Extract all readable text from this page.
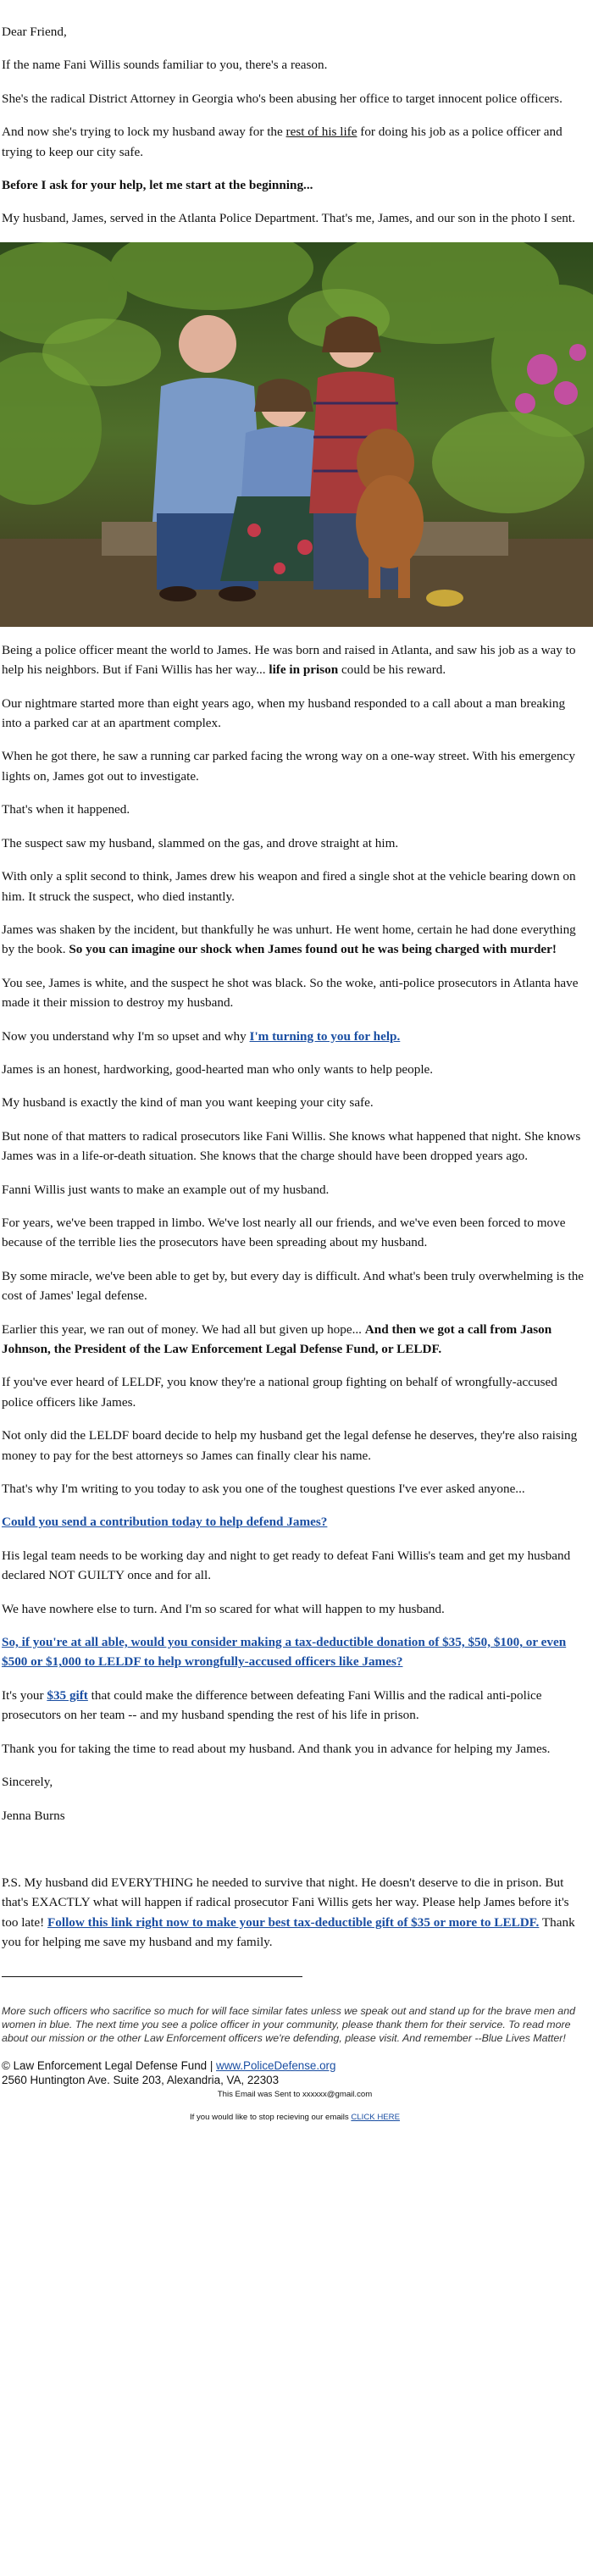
Dear Friend,

If the name Fani Willis sounds familiar to you, there's a reason.

She's the radical District Attorney in Georgia who's been abusing her office to target innocent police officers.

And now she's trying to lock my husband away for the rest of his life for doing his job as a police officer and trying to keep our city safe.

Before I ask for your help, let me start at the beginning...

My husband, James, served in the Atlanta Police Department. That's me, James, and our son in the photo I sent.

Being a police officer meant the world to James. He was born and raised in Atlanta, and saw his job as a way to help his neighbors. But if Fani Willis has her way... life in prison could be his reward.

Our nightmare started more than eight years ago, when my husband responded to a call about a man breaking into a parked car at an apartment complex.

When he got there, he saw a running car parked facing the wrong way on a one-way street. With his emergency lights on, James got out to investigate.

That's when it happened.

The suspect saw my husband, slammed on the gas, and drove straight at him.

With only a split second to think, James drew his weapon and fired a single shot at the vehicle bearing down on him. It struck the suspect, who died instantly.

James was shaken by the incident, but thankfully he was unhurt. He went home, certain he had done everything by the book. So you can imagine our shock when James found out he was being charged with murder!

You see, James is white, and the suspect he shot was black. So the woke, anti-police prosecutors in Atlanta have made it their mission to destroy my husband.

Now you understand why I'm so upset and why I'm turning to you for help.

James is an honest, hardworking, good-hearted man who only wants to help people.

My husband is exactly the kind of man you want keeping your city safe.

But none of that matters to radical prosecutors like Fani Willis. She knows what happened that night. She knows James was in a life-or-death situation. She knows that the charge should have been dropped years ago.

Fanni Willis just wants to make an example out of my husband.

For years, we've been trapped in limbo. We've lost nearly all our friends, and we've even been forced to move because of the terrible lies the prosecutors have been spreading about my husband.

By some miracle, we've been able to get by, but every day is difficult. And what's been truly overwhelming is the cost of James' legal defense.

Earlier this year, we ran out of money. We had all but given up hope... And then we got a call from Jason Johnson, the President of the Law Enforcement Legal Defense Fund, or LELDF.

If you've ever heard of LELDF, you know they're a national group fighting on behalf of wrongfully-accused police officers like James.

Not only did the LELDF board decide to help my husband get the legal defense he deserves, they're also raising money to pay for the best attorneys so James can finally clear his name.

That's why I'm writing to you today to ask you one of the toughest questions I've ever asked anyone...

Could you send a contribution today to help defend James?

His legal team needs to be working day and night to get ready to defeat Fani Willis's team and get my husband declared NOT GUILTY once and for all.

We have nowhere else to turn. And I'm so scared for what will happen to my husband.

So, if you're at all able, would you consider making a tax-deductible donation of $35, $50, $100, or even $500 or $1,000 to LELDF to help wrongfully-accused officers like James?

It's your $35 gift that could make the difference between defeating Fani Willis and the radical anti-police prosecutors on her team -- and my husband spending the rest of his life in prison.

Thank you for taking the time to read about my husband. And thank you in advance for helping my James.

Sincerely,

Jenna Burns

P.S. My husband did EVERYTHING he needed to survive that night. He doesn't deserve to die in prison. But that's EXACTLY what will happen if radical prosecutor Fani Willis gets her way. Please help James before it's too late! Follow this link right now to make your best tax-deductible gift of $35 or more to LELDF. Thank you for helping me save my husband and my family.

More such officers who sacrifice so much for will face similar fates unless we speak out and stand up for the brave men and women in blue. The next time you see a police officer in your community, please thank them for their service. To read more about our mission or the other Law Enforcement officers we're defending, please visit. And remember --Blue Lives Matter!

© Law Enforcement Legal Defense Fund | www.PoliceDefense.org
2560 Huntington Ave. Suite 203, Alexandria, VA, 22303
This Email was Sent to xxxxxx@gmail.com
If you would like to stop recieving our emails CLICK HERE
